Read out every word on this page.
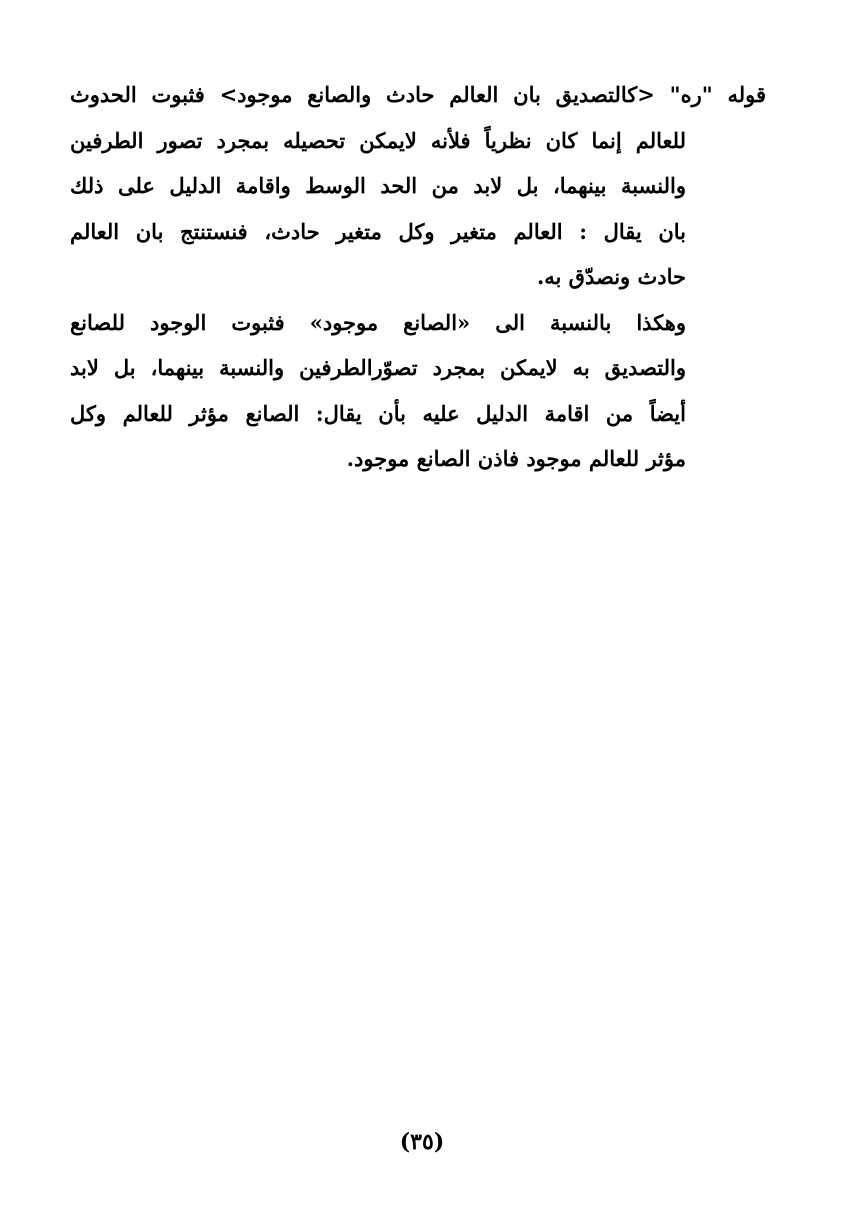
قوله "ره" <كالتصديق بان العالم حادث والصانع موجود> فثبوت الحدوث
للعالم إنما كان نظرياً فلأنه لايمكن تحصيله بمجرد تصور الطرفين
والنسبة بينهما، بل لابد من الحد الوسط واقامة الدليل على ذلك
بان يقال : العالم متغير وكل متغير حادث، فنستنتج بان العالم
حادث ونصدّق به.
وهكذا بالنسبة الى «الصانع موجود» فثبوت الوجود للصانع
والتصديق به لايمكن بمجرد تصوّرالطرفين والنسبة بينهما، بل لابد
أيضاً من اقامة الدليل عليه بأن يقال: الصانع مؤثر للعالم وكل
مؤثر للعالم موجود فاذن الصانع موجود.
(٣٥)
